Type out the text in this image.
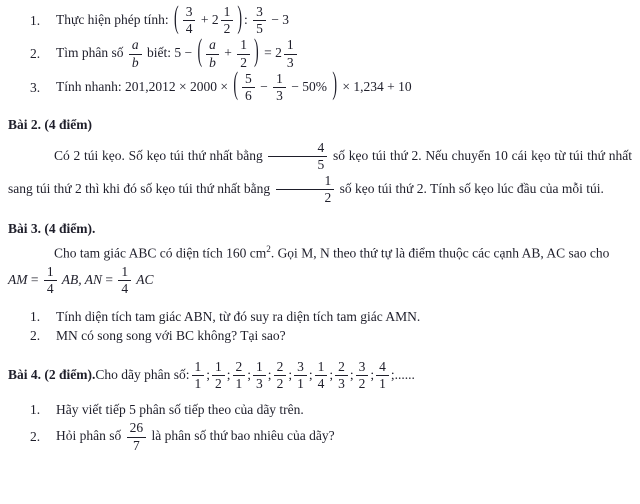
1.	Thực hiện phép tính: ( $\frac{3}{4} + 2 \frac{1}{2}$ ) : $\frac{3}{5} - 3$
2.	Tìm phân số $\frac{a}{b}$ biết: 5 − ( $\frac{a}{b} + \frac{1}{2}$ ) = $2 \frac{1}{3}$
3.	Tính nhanh: 201,2012 × 2000 × ( $\frac{5}{6} - \frac{1}{3} - 50\%$ ) × 1,234 + 10
Bài 2. (4 điểm)

Có 2 túi kẹo. Số kẹo túi thứ nhất bằng $\frac{4}{5}$ số kẹo túi thứ 2. Nếu chuyển 10 cái kẹo từ túi thứ nhất sang túi thứ 2 thì khi đó số kẹo túi thứ nhất bằng $\frac{1}{2}$ số kẹo túi thứ 2. Tính số kẹo lúc đầu của mỗi túi.

Bài 3. (4 điểm).

Cho tam giác ABC có diện tích 160 $cm^2$. Gọi M, N theo thứ tự là điểm thuộc các cạnh AB, AC sao cho

AM = $\frac{1}{4}$ AB, AN = $\frac{1}{4}$ AC
1.	Tính diện tích tam giác ABN, từ đó suy ra diện tích tam giác AMN.
2.	MN có song song với BC không? Tại sao?
Bài 4. (2 điểm). Cho dãy phân số: $\frac{1}{1}$ ; $\frac{1}{2}$ ; $\frac{2}{1}$ ; $\frac{1}{3}$ ; $\frac{2}{2}$ ; $\frac{3}{1}$ ; $\frac{1}{4}$ ; $\frac{2}{3}$ ; $\frac{3}{2}$ ; $\frac{4}{1}$ ;......
1.	Hãy viết tiếp 5 phân số tiếp theo của dãy trên.
2.	Hỏi phân số $\frac{26}{7}$ là phân số thứ bao nhiêu của dãy?
